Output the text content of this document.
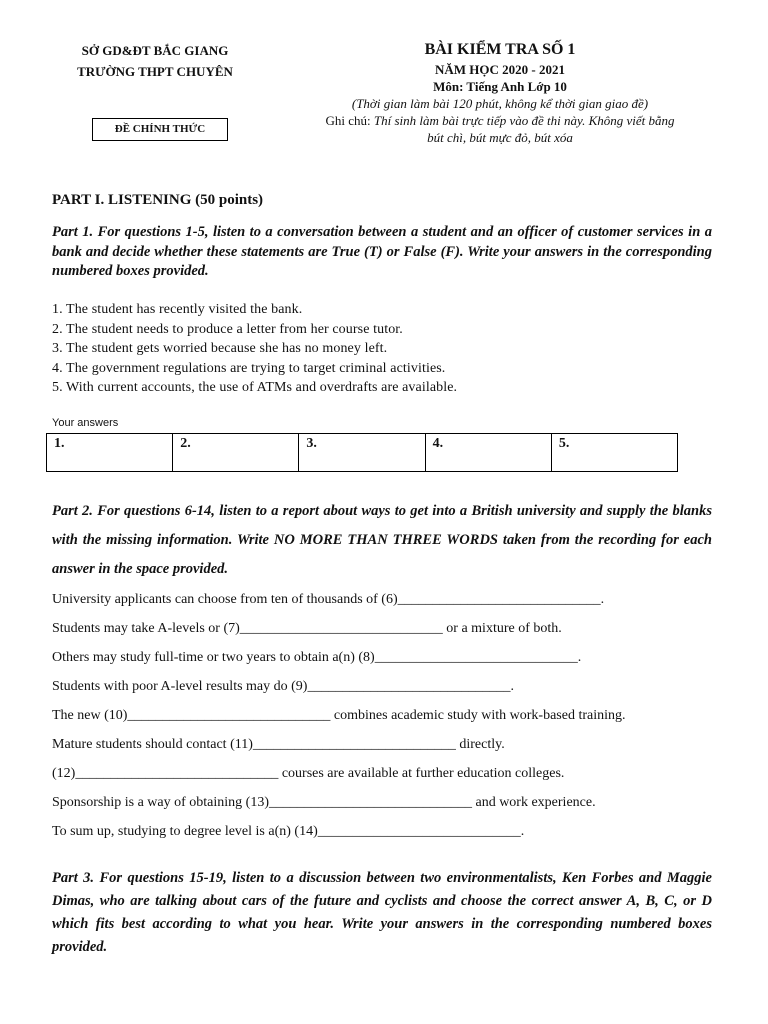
SỞ GD&ĐT BẮC GIANG
TRƯỜNG THPT CHUYÊN
ĐỀ CHÍNH THỨC
BÀI KIỂM TRA SỐ 1
NĂM HỌC 2020 - 2021
Môn: Tiếng Anh Lớp 10
(Thời gian làm bài 120 phút, không kể thời gian giao đề)
Ghi chú: Thí sinh làm bài trực tiếp vào đề thi này. Không viết bằng
bút chì, bút mực đỏ, bút xóa
PART I. LISTENING (50 points)
Part 1. For questions 1-5, listen to a conversation between a student and an officer of customer services in a bank and decide whether these statements are True (T) or False (F). Write your answers in the corresponding numbered boxes provided.
1. The student has recently visited the bank.
2. The student needs to produce a letter from her course tutor.
3. The student gets worried because she has no money left.
4. The government regulations are trying to target criminal activities.
5. With current accounts, the use of ATMs and overdrafts are available.
Your answers
1.	2.	3.	4.	5.
Part 2. For questions 6-14, listen to a report about ways to get into a British university and supply the blanks with the missing information. Write NO MORE THAN THREE WORDS taken from the recording for each answer in the space provided.
University applicants can choose from ten of thousands of (6)_____________________________.
Students may take A-levels or (7)_____________________________ or a mixture of both.
Others may study full-time or two years to obtain a(n) (8)_____________________________.
Students with poor A-level results may do (9)_____________________________.
The new (10)_____________________________ combines academic study with work-based training.
Mature students should contact (11)_____________________________ directly.
(12)_____________________________ courses are available at further education colleges.
Sponsorship is a way of obtaining (13)_____________________________ and work experience.
To sum up, studying to degree level is a(n) (14)_____________________________.
Part 3. For questions 15-19, listen to a discussion between two environmentalists, Ken Forbes and Maggie Dimas, who are talking about cars of the future and cyclists and choose the correct answer A, B, C, or D which fits best according to what you hear. Write your answers in the corresponding numbered boxes provided.
